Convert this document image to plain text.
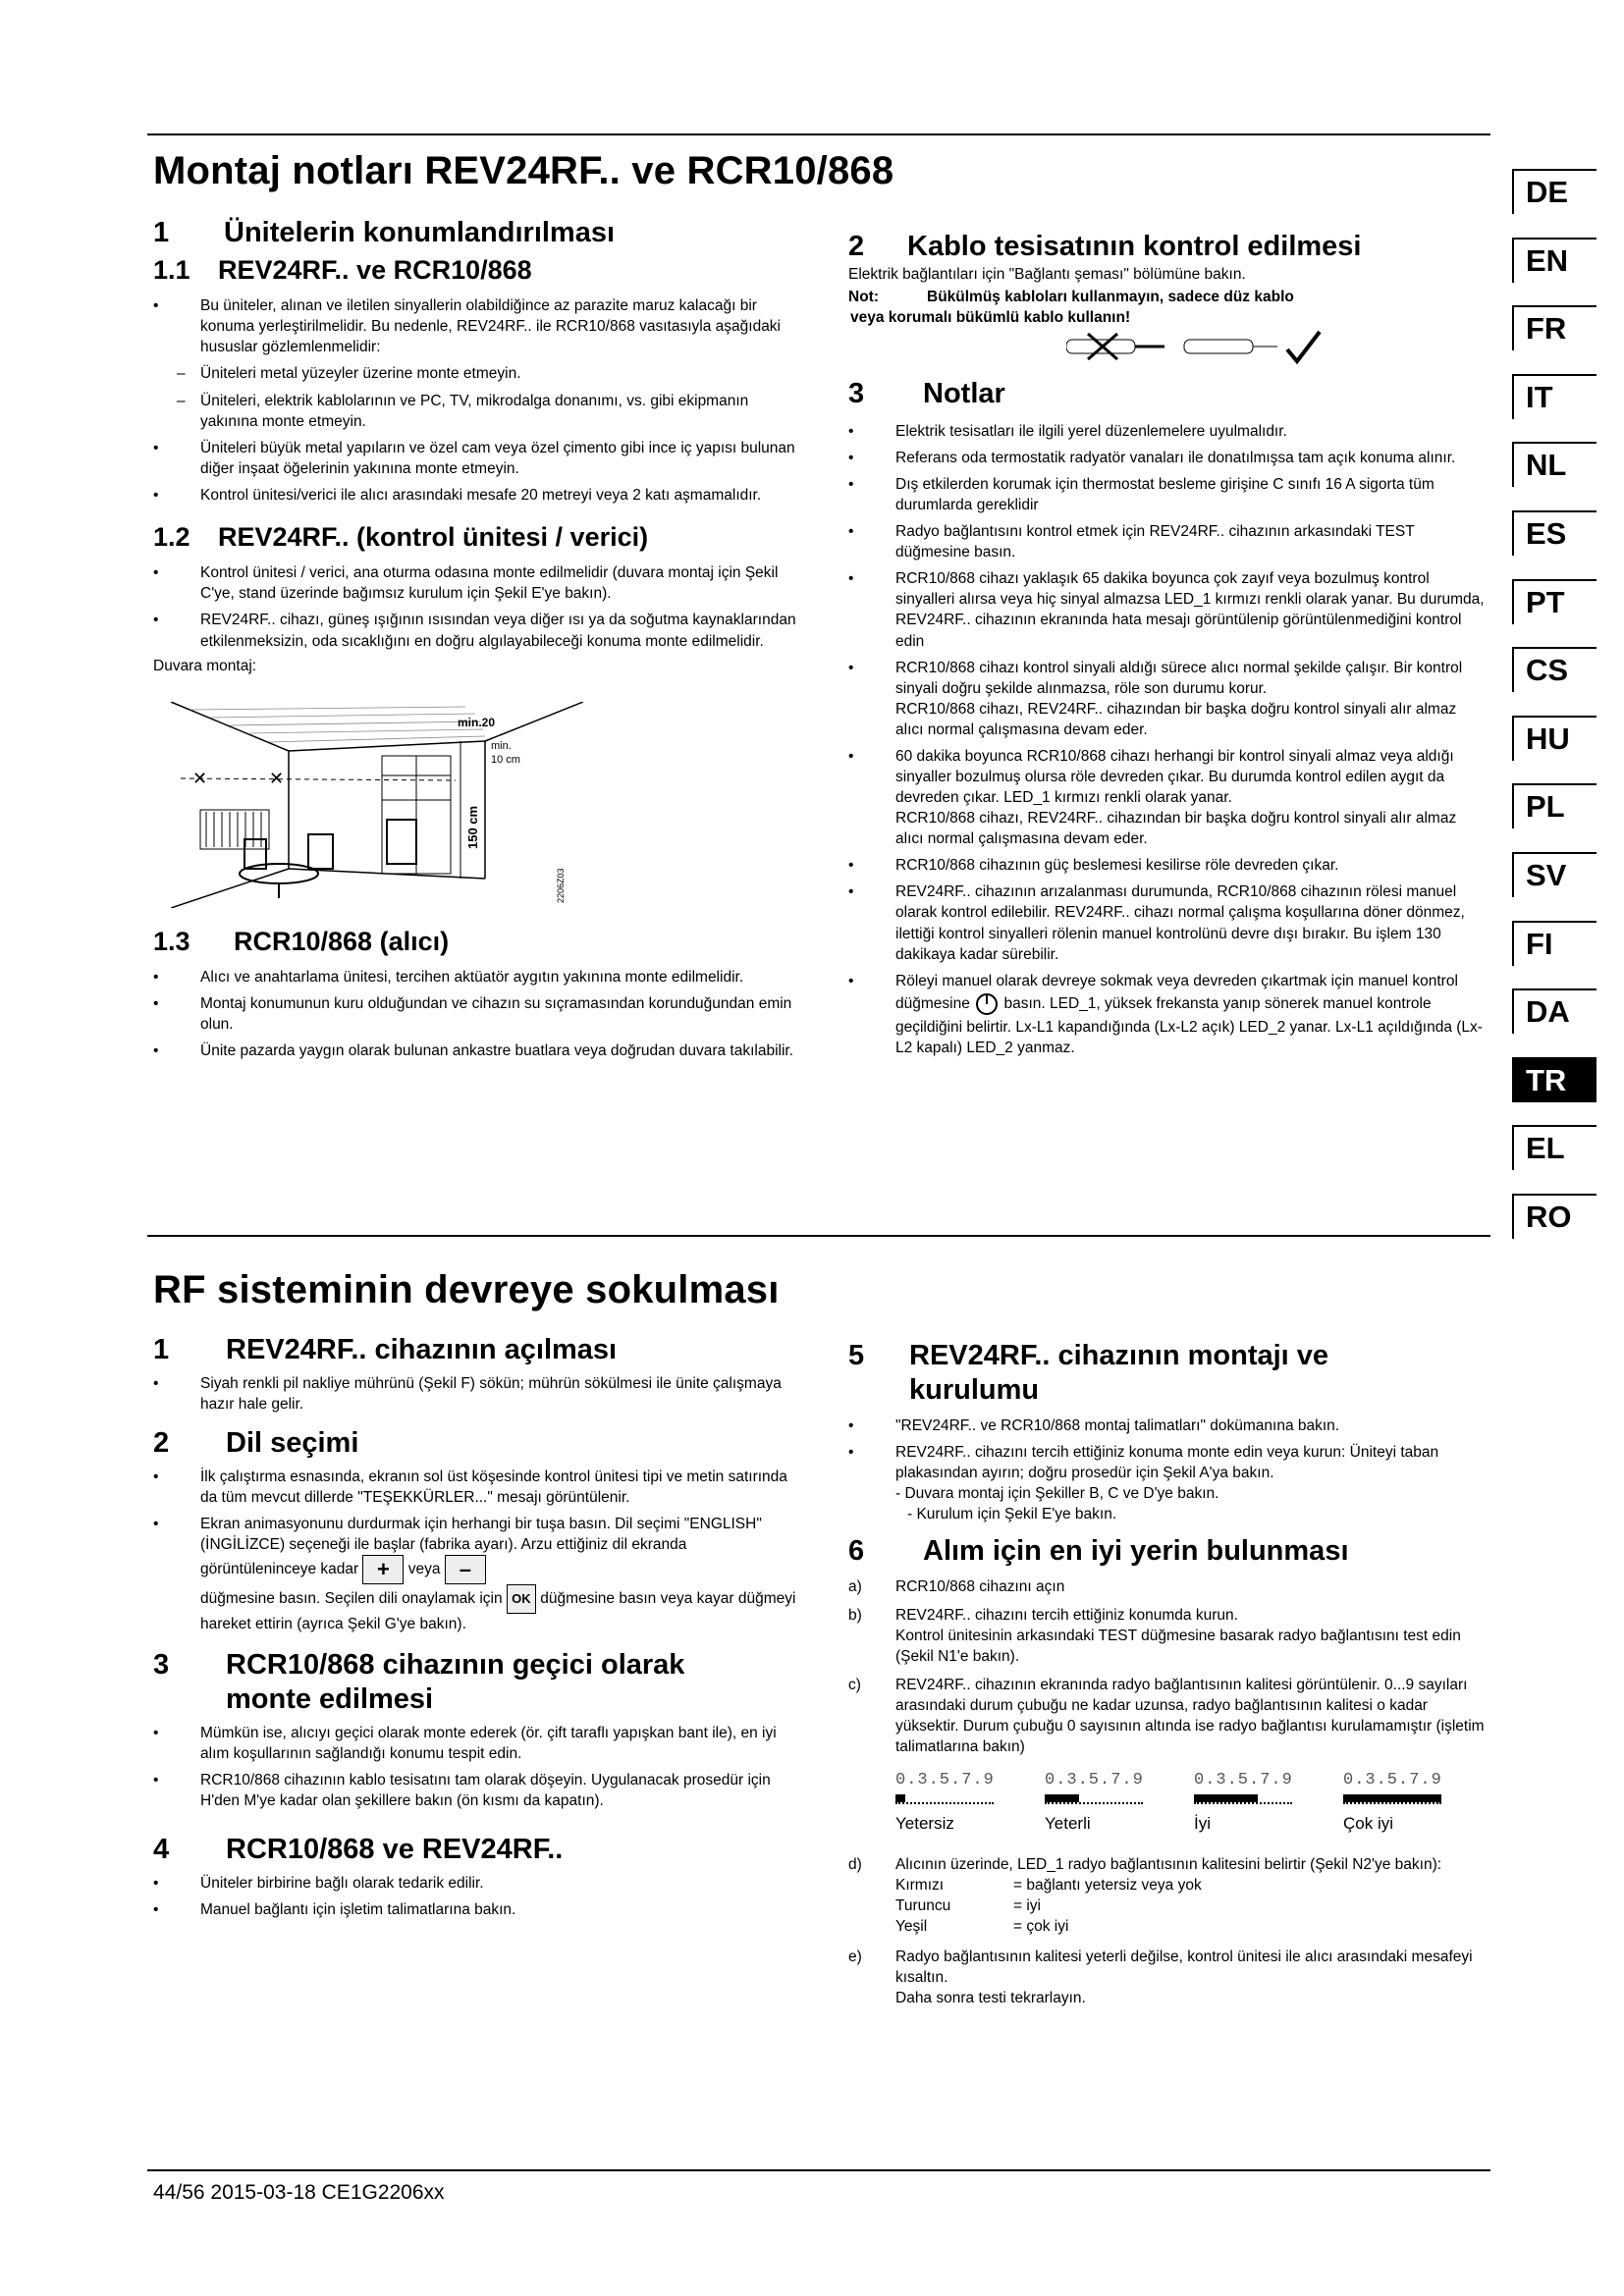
DE
EN
FR
IT
NL
ES
PT
CS
HU
PL
SV
FI
DA
TR
EL
RO
Montaj notları REV24RF.. ve RCR10/868
1	Ünitelerin konumlandırılması
1.1	REV24RF.. ve RCR10/868
• Bu üniteler, alınan ve iletilen sinyallerin olabildiğince az parazite maruz kalacağı bir konuma yerleştirilmelidir. Bu nedenle, REV24RF.. ile RCR10/868 vasıtasıyla aşağıdaki hususlar gözlemlenmelidir:
– Üniteleri metal yüzeyler üzerine monte etmeyin.
– Üniteleri, elektrik kablolarının ve PC, TV, mikrodalga donanımı, vs. gibi ekipmanın yakınına monte etmeyin.
• Üniteleri büyük metal yapıların ve özel cam veya özel çimento gibi ince iç yapısı bulunan diğer inşaat öğelerinin yakınına monte etmeyin.
• Kontrol ünitesi/verici ile alıcı arasındaki mesafe 20 metreyi veya 2 katı aşmamalıdır.
1.2	REV24RF.. (kontrol ünitesi / verici)
• Kontrol ünitesi / verici, ana oturma odasına monte edilmelidir (duvara montaj için Şekil C'ye, stand üzerinde bağımsız kurulum için Şekil E'ye bakın).
• REV24RF.. cihazı, güneş ışığının ısısından veya diğer ısı ya da soğutma kaynaklarından etkilenmeksizin, oda sıcaklığını en doğru algılayabileceği konuma monte edilmelidir.
Duvara montaj:
✕	✕
min.20
min.
10 cm
150 cm
2206Z03
1.3	RCR10/868 (alıcı)
• Alıcı ve anahtarlama ünitesi, tercihen aktüatör aygıtın yakınına monte edilmelidir.
• Montaj konumunun kuru olduğundan ve cihazın su sıçramasından korunduğundan emin olun.
• Ünite pazarda yaygın olarak bulunan ankastre buatlara veya doğrudan duvara takılabilir.
2	Kablo tesisatının kontrol edilmesi
Elektrik bağlantıları için "Bağlantı şeması" bölümüne bakın.
Not:	Bükülmüş kabloları kullanmayın, sadece düz kablo
veya korumalı bükümlü kablo kullanın!
3	Notlar
• Elektrik tesisatları ile ilgili yerel düzenlemelere uyulmalıdır.
• Referans oda termostatik radyatör vanaları ile donatılmışsa tam açık konuma alınır.
• Dış etkilerden korumak için thermostat besleme girişine C sınıfı 16 A sigorta tüm durumlarda gereklidir
• Radyo bağlantısını kontrol etmek için REV24RF.. cihazının arkasındaki TEST düğmesine basın.
• RCR10/868 cihazı yaklaşık 65 dakika boyunca çok zayıf veya bozulmuş kontrol sinyalleri alırsa veya hiç sinyal almazsa LED_1 kırmızı renkli olarak yanar. Bu durumda, REV24RF.. cihazının ekranında hata mesajı görüntülenip görüntülenmediğini kontrol edin
• RCR10/868 cihazı kontrol sinyali aldığı sürece alıcı normal şekilde çalışır. Bir kontrol sinyali doğru şekilde alınmazsa, röle son durumu korur.
RCR10/868 cihazı, REV24RF.. cihazından bir başka doğru kontrol sinyali alır almaz alıcı normal çalışmasına devam eder.
• 60 dakika boyunca RCR10/868 cihazı herhangi bir kontrol sinyali almaz veya aldığı sinyaller bozulmuş olursa röle devreden çıkar. Bu durumda kontrol edilen aygıt da devreden çıkar. LED_1 kırmızı renkli olarak yanar.
RCR10/868 cihazı, REV24RF.. cihazından bir başka doğru kontrol sinyali alır almaz alıcı normal çalışmasına devam eder.
• RCR10/868 cihazının güç beslemesi kesilirse röle devreden çıkar.
• REV24RF.. cihazının arızalanması durumunda, RCR10/868 cihazının rölesi manuel olarak kontrol edilebilir. REV24RF.. cihazı normal çalışma koşullarına döner dönmez, ilettiği kontrol sinyalleri rölenin manuel kontrolünü devre dışı bırakır. Bu işlem 130 dakikaya kadar sürebilir.
• Röleyi manuel olarak devreye sokmak veya devreden çıkartmak için manuel kontrol düğmesine basın. LED_1, yüksek frekansta yanıp sönerek manuel kontrole geçildiğini belirtir. Lx-L1 kapandığında (Lx-L2 açık) LED_2 yanar. Lx-L1 açıldığında (Lx-L2 kapalı) LED_2 yanmaz.
RF sisteminin devreye sokulması
1	REV24RF.. cihazının açılması
• Siyah renkli pil nakliye mührünü (Şekil F) sökün; mührün sökülmesi ile ünite çalışmaya hazır hale gelir.
2	Dil seçimi
• İlk çalıştırma esnasında, ekranın sol üst köşesinde kontrol ünitesi tipi ve metin satırında da tüm mevcut dillerde "TEŞEKKÜRLER..." mesajı görüntülenir.
• Ekran animasyonunu durdurmak için herhangi bir tuşa basın. Dil seçimi "ENGLISH" (İNGİLİZCE) seçeneği ile başlar (fabrika ayarı). Arzu ettiğiniz dil ekranda görüntüleninceye kadar + veya –
düğmesine basın. Seçilen dili onaylamak için OK düğmesine basın veya kayar düğmeyi hareket ettirin (ayrıca Şekil G'ye bakın).
3	RCR10/868 cihazının geçici olarak monte edilmesi
• Mümkün ise, alıcıyı geçici olarak monte ederek (ör. çift taraflı yapışkan bant ile), en iyi alım koşullarının sağlandığı konumu tespit edin.
• RCR10/868 cihazının kablo tesisatını tam olarak döşeyin. Uygulanacak prosedür için H'den M'ye kadar olan şekillere bakın (ön kısmı da kapatın).
4	RCR10/868 ve REV24RF..
• Üniteler birbirine bağlı olarak tedarik edilir.
• Manuel bağlantı için işletim talimatlarına bakın.
5	REV24RF.. cihazının montajı ve kurulumu
• "REV24RF.. ve RCR10/868 montaj talimatları" dokümanına bakın.
• REV24RF.. cihazını tercih ettiğiniz konuma monte edin veya kurun: Üniteyi taban plakasından ayırın; doğru prosedür için Şekil A'ya bakın.
- Duvara montaj için Şekiller B, C ve D'ye bakın.
- Kurulum için Şekil E'ye bakın.
6	Alım için en iyi yerin bulunması
a) RCR10/868 cihazını açın
b) REV24RF.. cihazını tercih ettiğiniz konumda kurun.
Kontrol ünitesinin arkasındaki TEST düğmesine basarak radyo bağlantısını test edin (Şekil N1'e bakın).
c) REV24RF.. cihazının ekranında radyo bağlantısının kalitesi görüntülenir. 0...9 sayıları arasındaki durum çubuğu ne kadar uzunsa, radyo bağlantısının kalitesi o kadar yüksektir. Durum çubuğu 0 sayısının altında ise radyo bağlantısı kurulamamıştır (işletim talimatlarına bakın)
0.3.5.7.9
Yetersiz
0.3.5.7.9
Yeterli
0.3.5.7.9
İyi
0.3.5.7.9
Çok iyi
d) Alıcının üzerinde, LED_1 radyo bağlantısının kalitesini belirtir (Şekil N2'ye bakın):
Kırmızı	= bağlantı yetersiz veya yok
Turuncu	= iyi
Yeşil	= çok iyi
e) Radyo bağlantısının kalitesi yeterli değilse, kontrol ünitesi ile alıcı arasındaki mesafeyi kısaltın.
Daha sonra testi tekrarlayın.
44/56 2015-03-18 CE1G2206xx
